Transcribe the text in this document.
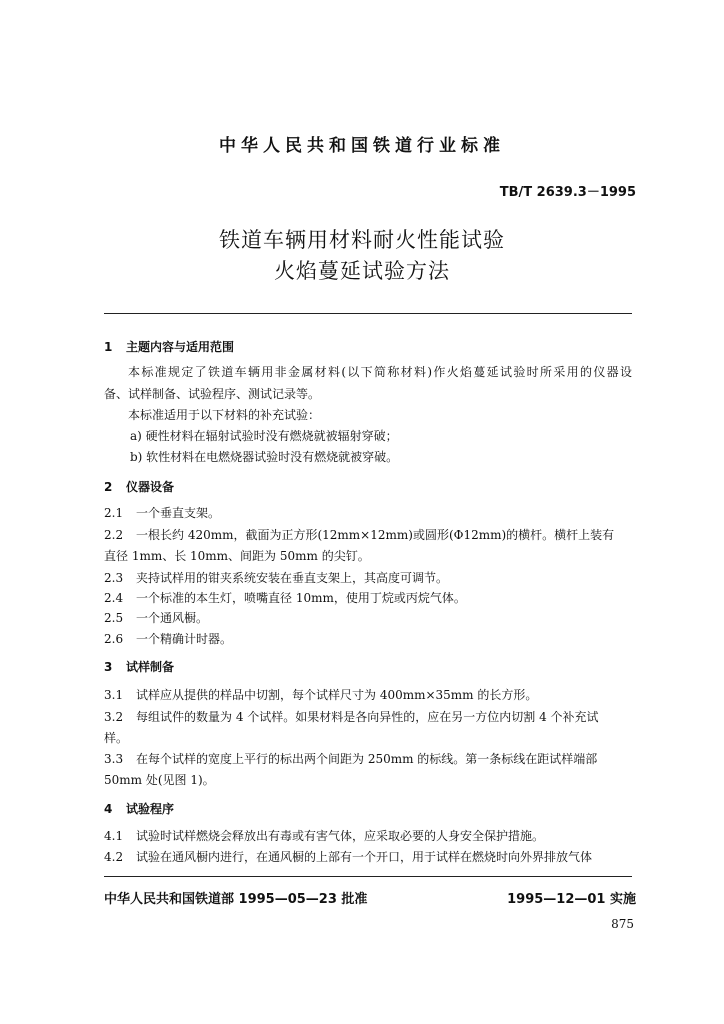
中华人民共和国铁道行业标准
TB/T 2639.3－1995
铁道车辆用材料耐火性能试验
火焰蔓延试验方法
1 主题内容与适用范围
本标准规定了铁道车辆用非金属材料(以下简称材料)作火焰蔓延试验时所采用的仪器设
备、试样制备、试验程序、测试记录等。
本标准适用于以下材料的补充试验：
a) 硬性材料在辐射试验时没有燃烧就被辐射穿破；
b) 软性材料在电燃烧器试验时没有燃烧就被穿破。
2 仪器设备
2.1 一个垂直支架。
2.2 一根长约 420mm，截面为正方形(12mm×12mm)或圆形(Φ12mm)的横杆。横杆上装有
直径 1mm、长 10mm、间距为 50mm 的尖钉。
2.3 夹持试样用的钳夹系统安装在垂直支架上，其高度可调节。
2.4 一个标准的本生灯，喷嘴直径 10mm，使用丁烷或丙烷气体。
2.5 一个通风橱。
2.6 一个精确计时器。
3 试样制备
3.1 试样应从提供的样品中切割，每个试样尺寸为 400mm×35mm 的长方形。
3.2 每组试件的数量为 4 个试样。如果材料是各向异性的，应在另一方位内切割 4 个补充试
样。
3.3 在每个试样的宽度上平行的标出两个间距为 250mm 的标线。第一条标线在距试样端部
50mm 处(见图 1)。
4 试验程序
4.1 试验时试样燃烧会释放出有毒或有害气体，应采取必要的人身安全保护措施。
4.2 试验在通风橱内进行，在通风橱的上部有一个开口，用于试样在燃烧时向外界排放气体
中华人民共和国铁道部 1995—05—23 批准	1995—12—01 实施
875
